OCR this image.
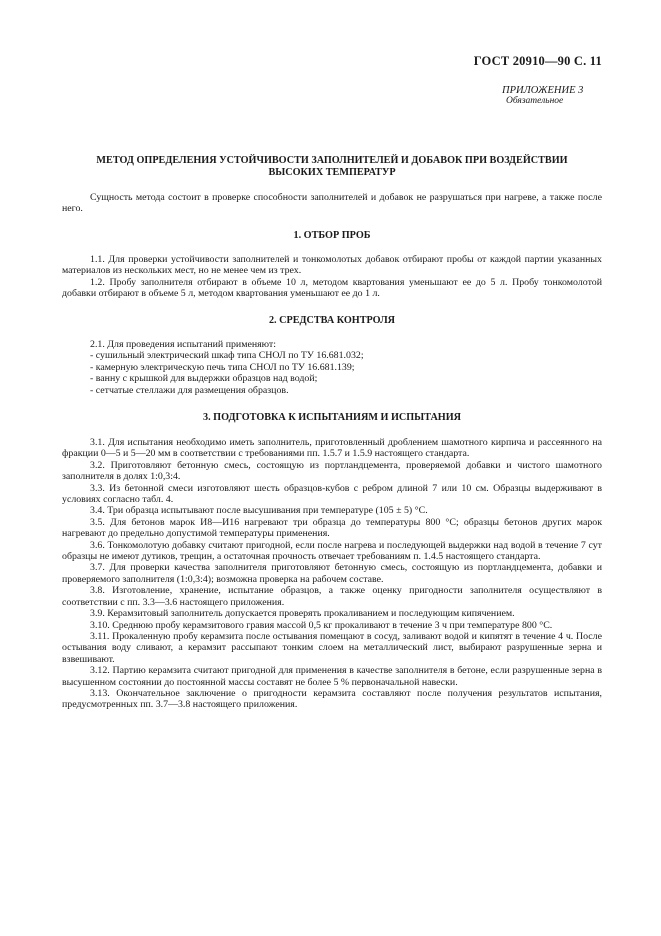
ГОСТ 20910—90 С. 11
ПРИЛОЖЕНИЕ 3
Обязательное
МЕТОД ОПРЕДЕЛЕНИЯ УСТОЙЧИВОСТИ ЗАПОЛНИТЕЛЕЙ И ДОБАВОК ПРИ ВОЗДЕЙСТВИИ
ВЫСОКИХ ТЕМПЕРАТУР

Сущность метода состоит в проверке способности заполнителей и добавок не разрушаться при нагреве, а также после него.

1. ОТБОР ПРОБ

1.1. Для проверки устойчивости заполнителей и тонкомолотых добавок отбирают пробы от каждой партии указанных материалов из нескольких мест, но не менее чем из трех.

1.2. Пробу заполнителя отбирают в объеме 10 л, методом квартования уменьшают ее до 5 л. Пробу тонкомолотой добавки отбирают в объеме 5 л, методом квартования уменьшают ее до 1 л.

2. СРЕДСТВА КОНТРОЛЯ

2.1. Для проведения испытаний применяют:

- сушильный электрический шкаф типа СНОЛ по ТУ 16.681.032;

- камерную электрическую печь типа СНОЛ по ТУ 16.681.139;

- ванну с крышкой для выдержки образцов над водой;

- сетчатые стеллажи для размещения образцов.

3. ПОДГОТОВКА К ИСПЫТАНИЯМ И ИСПЫТАНИЯ

3.1. Для испытания необходимо иметь заполнитель, приготовленный дроблением шамотного кирпича и рассеянного на фракции 0—5 и 5—20 мм в соответствии с требованиями пп. 1.5.7 и 1.5.9 настоящего стандарта.

3.2. Приготовляют бетонную смесь, состоящую из портландцемента, проверяемой добавки и чистого шамотного заполнителя в долях 1:0,3:4.

3.3. Из бетонной смеси изготовляют шесть образцов-кубов с ребром длиной 7 или 10 см. Образцы выдерживают в условиях согласно табл. 4.

3.4. Три образца испытывают после высушивания при температуре (105 ± 5) °С.

3.5. Для бетонов марок И8—И16 нагревают три образца до температуры 800 °С; образцы бетонов других марок нагревают до предельно допустимой температуры применения.

3.6. Тонкомолотую добавку считают пригодной, если после нагрева и последующей выдержки над водой в течение 7 сут образцы не имеют дутиков, трещин, а остаточная прочность отвечает требованиям п. 1.4.5 настоящего стандарта.

3.7. Для проверки качества заполнителя приготовляют бетонную смесь, состоящую из портландцемента, добавки и проверяемого заполнителя (1:0,3:4); возможна проверка на рабочем составе.

3.8. Изготовление, хранение, испытание образцов, а также оценку пригодности заполнителя осуществляют в соответствии с пп. 3.3—3.6 настоящего приложения.

3.9. Керамзитовый заполнитель допускается проверять прокаливанием и последующим кипячением.

3.10. Среднюю пробу керамзитового гравия массой 0,5 кг прокаливают в течение 3 ч при температуре 800 °С.

3.11. Прокаленную пробу керамзита после остывания помещают в сосуд, заливают водой и кипятят в течение 4 ч. После остывания воду сливают, а керамзит рассыпают тонким слоем на металлический лист, выбирают разрушенные зерна и взвешивают.

3.12. Партию керамзита считают пригодной для применения в качестве заполнителя в бетоне, если разрушенные зерна в высушенном состоянии до постоянной массы составят не более 5 % первоначальной навески.

3.13. Окончательное заключение о пригодности керамзита составляют после получения результатов испытания, предусмотренных пп. 3.7—3.8 настоящего приложения.
